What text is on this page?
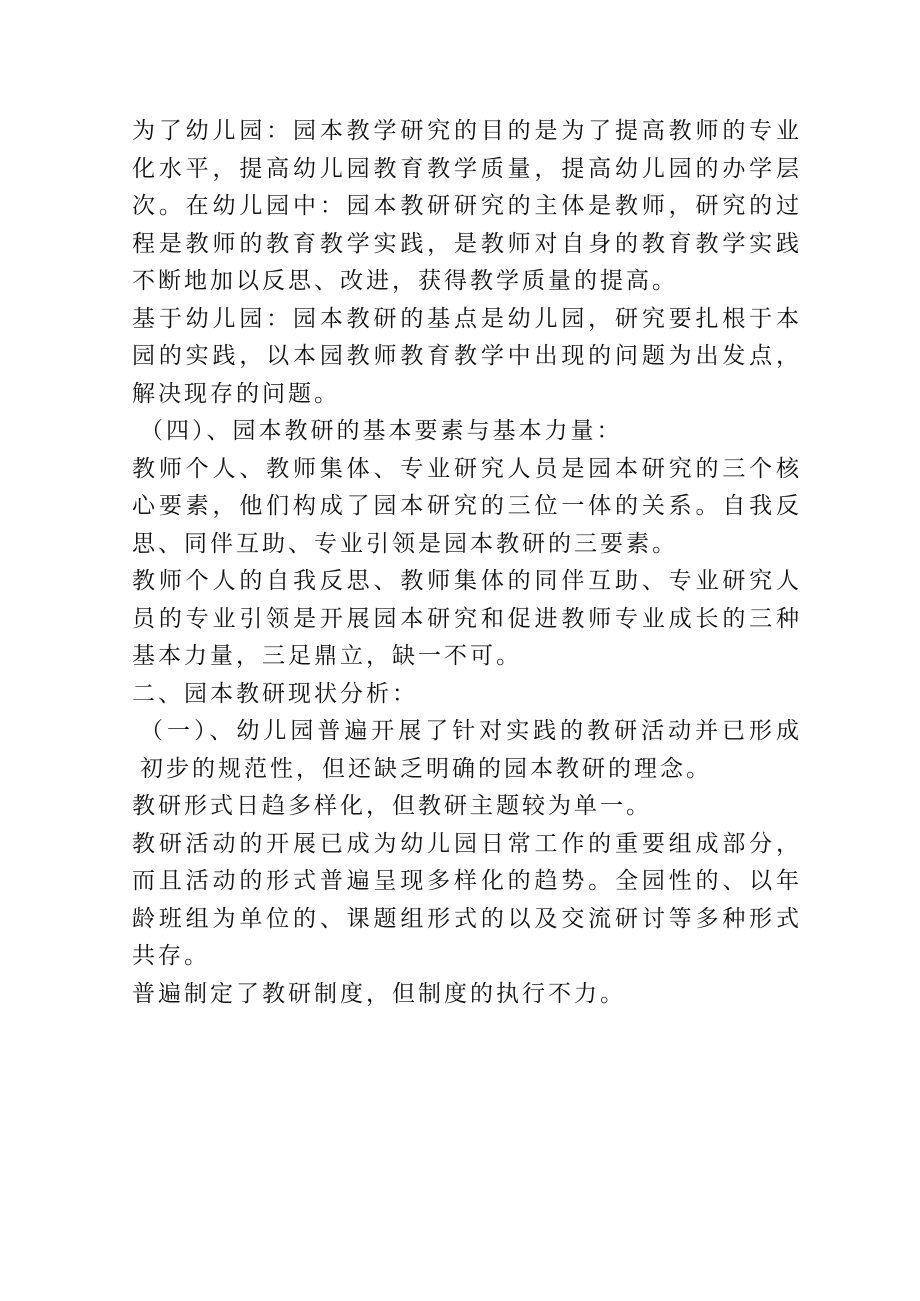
为了幼儿园：园本教学研究的目的是为了提高教师的专业化水平，提高幼儿园教育教学质量，提高幼儿园的办学层次。在幼儿园中：园本教研研究的主体是教师，研究的过程是教师的教育教学实践，是教师对自身的教育教学实践不断地加以反思、改进，获得教学质量的提高。

基于幼儿园：园本教研的基点是幼儿园，研究要扎根于本园的实践，以本园教师教育教学中出现的问题为出发点，解决现存的问题。

（四）、园本教研的基本要素与基本力量：

教师个人、教师集体、专业研究人员是园本研究的三个核心要素，他们构成了园本研究的三位一体的关系。自我反思、同伴互助、专业引领是园本教研的三要素。

教师个人的自我反思、教师集体的同伴互助、专业研究人员的专业引领是开展园本研究和促进教师专业成长的三种基本力量，三足鼎立，缺一不可。

二、园本教研现状分析：

（一）、幼儿园普遍开展了针对实践的教研活动并已形成初步的规范性，但还缺乏明确的园本教研的理念。

教研形式日趋多样化，但教研主题较为单一。

教研活动的开展已成为幼儿园日常工作的重要组成部分，而且活动的形式普遍呈现多样化的趋势。全园性的、以年龄班组为单位的、课题组形式的以及交流研讨等多种形式共存。

普遍制定了教研制度，但制度的执行不力。
